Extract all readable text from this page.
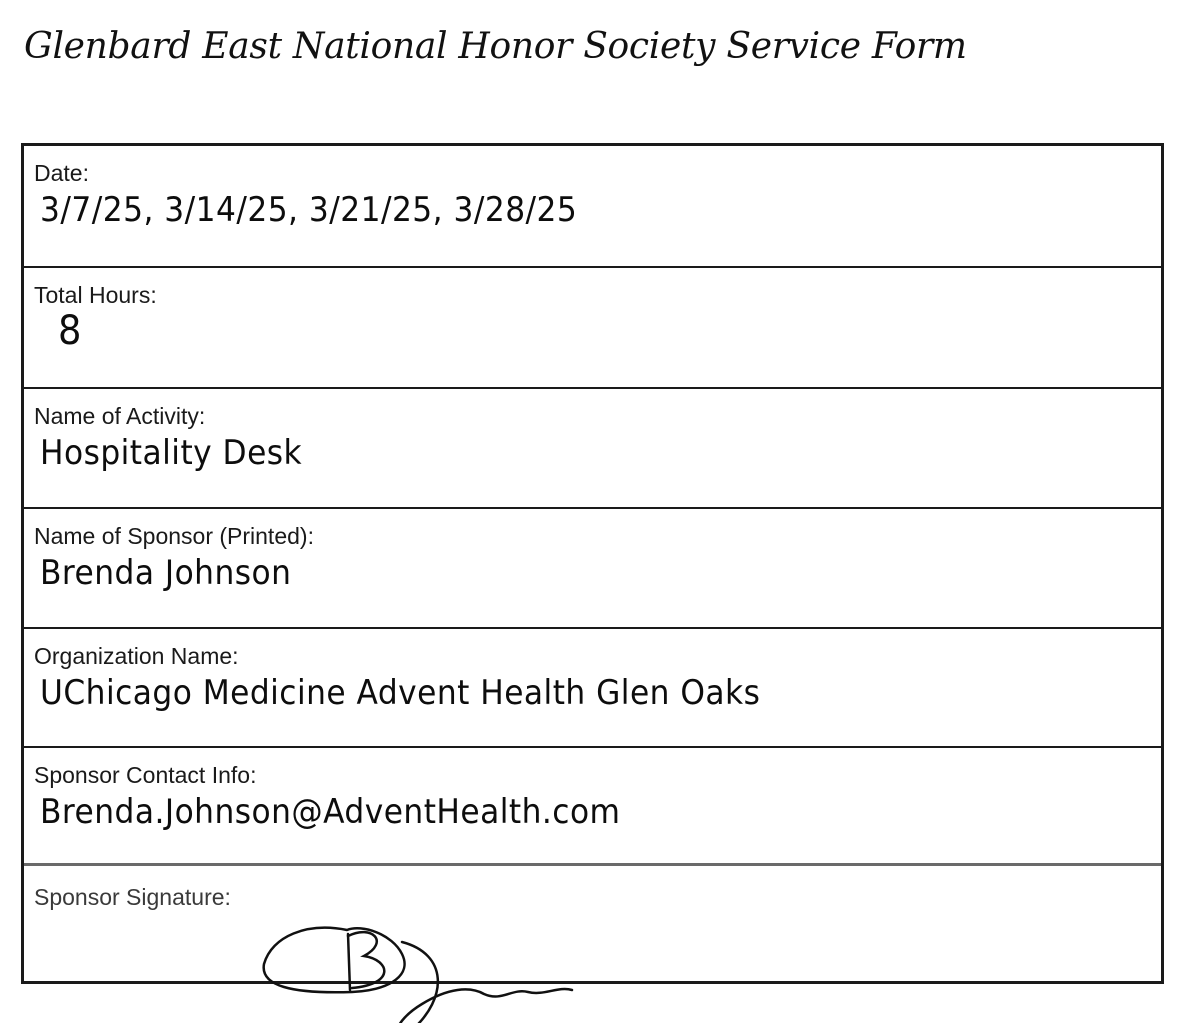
Glenbard East National Honor Society Service Form
Date:
3/7/25, 3/14/25, 3/21/25, 3/28/25
Total Hours:
8
Name of Activity:
Hospitality Desk
Name of Sponsor (Printed):
Brenda Johnson
Organization Name:
UChicago Medicine Advent Health Glen Oaks
Sponsor Contact Info:
Brenda.Johnson@AdventHealth.com
Sponsor Signature:
